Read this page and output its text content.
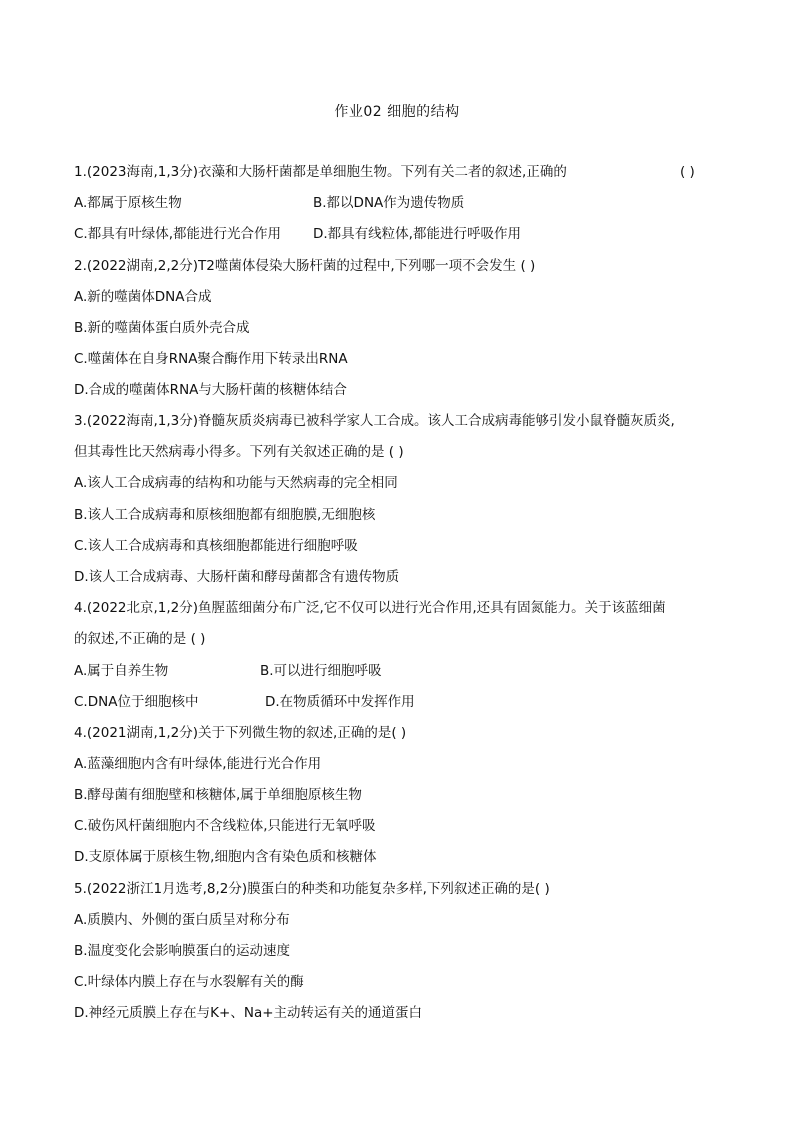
作业02 细胞的结构
1.(2023海南,1,3分)衣藻和大肠杆菌都是单细胞生物。下列有关二者的叙述,正确的	( )
A.都属于原核生物	B.都以DNA作为遗传物质
C.都具有叶绿体,都能进行光合作用 D.都具有线粒体,都能进行呼吸作用
2.(2022湖南,2,2分)T2噬菌体侵染大肠杆菌的过程中,下列哪一项不会发生 ( )
A.新的噬菌体DNA合成
B.新的噬菌体蛋白质外壳合成
C.噬菌体在自身RNA聚合酶作用下转录出RNA
D.合成的噬菌体RNA与大肠杆菌的核糖体结合
3.(2022海南,1,3分)脊髓灰质炎病毒已被科学家人工合成。该人工合成病毒能够引发小鼠脊髓灰质炎,
但其毒性比天然病毒小得多。下列有关叙述正确的是 ( )
A.该人工合成病毒的结构和功能与天然病毒的完全相同
B.该人工合成病毒和原核细胞都有细胞膜,无细胞核
C.该人工合成病毒和真核细胞都能进行细胞呼吸
D.该人工合成病毒、大肠杆菌和酵母菌都含有遗传物质
4.(2022北京,1,2分)鱼腥蓝细菌分布广泛,它不仅可以进行光合作用,还具有固氮能力。关于该蓝细菌
的叙述,不正确的是 ( )
A.属于自养生物	B.可以进行细胞呼吸
C.DNA位于细胞核中	D.在物质循环中发挥作用
4.(2021湖南,1,2分)关于下列微生物的叙述,正确的是( )
A.蓝藻细胞内含有叶绿体,能进行光合作用
B.酵母菌有细胞壁和核糖体,属于单细胞原核生物
C.破伤风杆菌细胞内不含线粒体,只能进行无氧呼吸
D.支原体属于原核生物,细胞内含有染色质和核糖体
5.(2022浙江1月选考,8,2分)膜蛋白的种类和功能复杂多样,下列叙述正确的是( )
A.质膜内、外侧的蛋白质呈对称分布
B.温度变化会影响膜蛋白的运动速度
C.叶绿体内膜上存在与水裂解有关的酶
D.神经元质膜上存在与K+、Na+主动转运有关的通道蛋白
